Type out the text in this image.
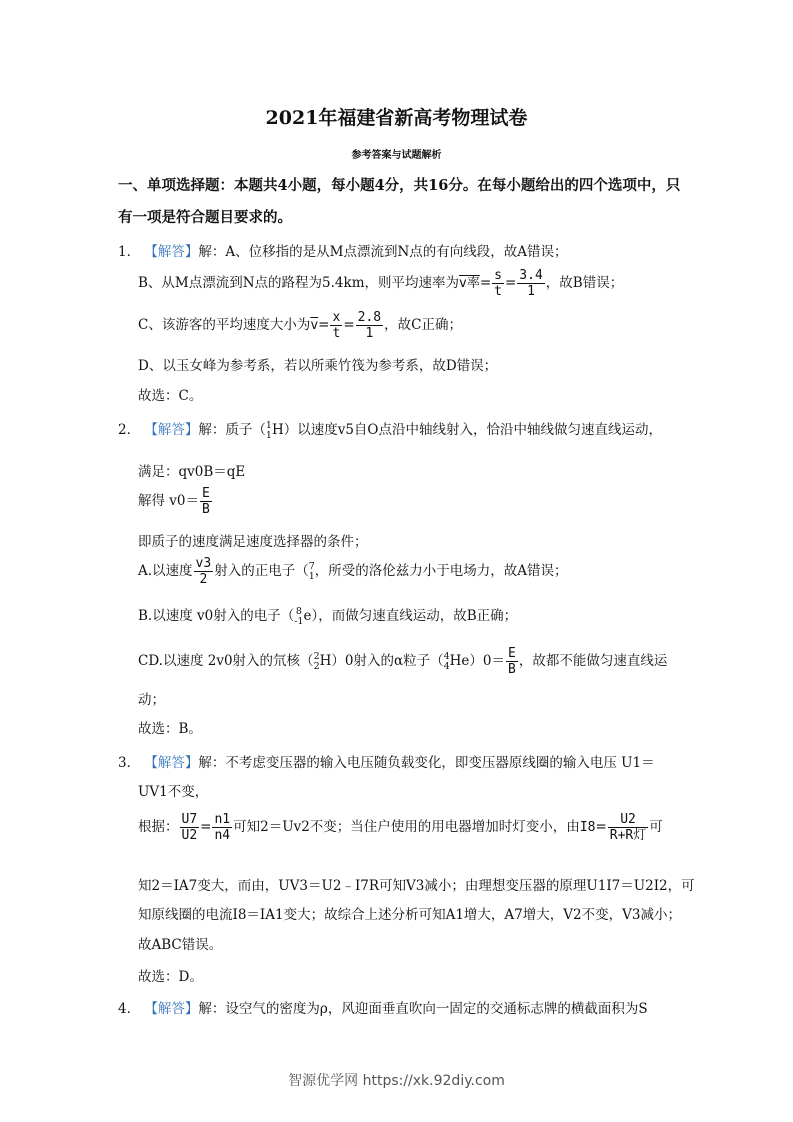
2021年福建省新高考物理试卷
参考答案与试题解析
一、单项选择题：本题共4小题，每小题4分，共16分。在每小题给出的四个选项中，只
有一项是符合题目要求的。
1． 【解答】解：A、位移指的是从M点漂流到N点的有向线段，故A错误；
B、从M点漂流到N点的路程为5.4km，则平均速率为v率= $\frac{s}{t} = \frac{3.4}{1}$ ，故B错误；
C、该游客的平均速度大小为$\overline{v}= \frac{x}{t} = \frac{2.8}{1}$ ，故C正确；
D、以玉女峰为参考系，若以所乘竹筏为参考系，故D错误；
故选：C。
2． 【解答】解：质子（ 1
1 H）以速度v5自O点沿中轴线射入，恰沿中轴线做匀速直线运动，
满足：qv0B＝qE
解得 $v0= \frac{E}{B}$
即质子的速度满足速度选择器的条件；
A.以速度 $\frac{v3}{2}$ 射入的正电子（ 7
1 ，所受的洛伦兹力小于电场力，故A错误；
B.以速度 v0射入的电子（ 8
-1 e），而做匀速直线运动，故B正确；
CD.以速度 2v0射入的氘核（ 2
2 H）0射入的α粒子（ 4
4 $He)0= \frac{E}{B}$ ，故都不能做匀速直线运
动；
故选：B。
3． 【解答】解：不考虑变压器的输入电压随负载变化，即变压器原线圈的输入电压 U1＝
UV1不变，
根据： $\frac{U7}{U2} = \frac{n1}{n4}$ 可知2＝Uv2不变；当住户使用的用电器增加时灯变小，由$I8= \frac{U2}{\text{R+R灯}}$ 可
知2＝IA7变大，而由，UV3＝U2﹣I7R可知V3减小；由理想变压器的原理U1I7＝U2I2，可
知原线圈的电流I8＝IA1变大；故综合上述分析可知A1增大，A7增大，V2不变，V3减小；
故ABC错误。
故选：D。
4． 【解答】解：设空气的密度为ρ，风迎面垂直吹向一固定的交通标志牌的横截面积为S
智源优学网 https://xk.92diy.com
